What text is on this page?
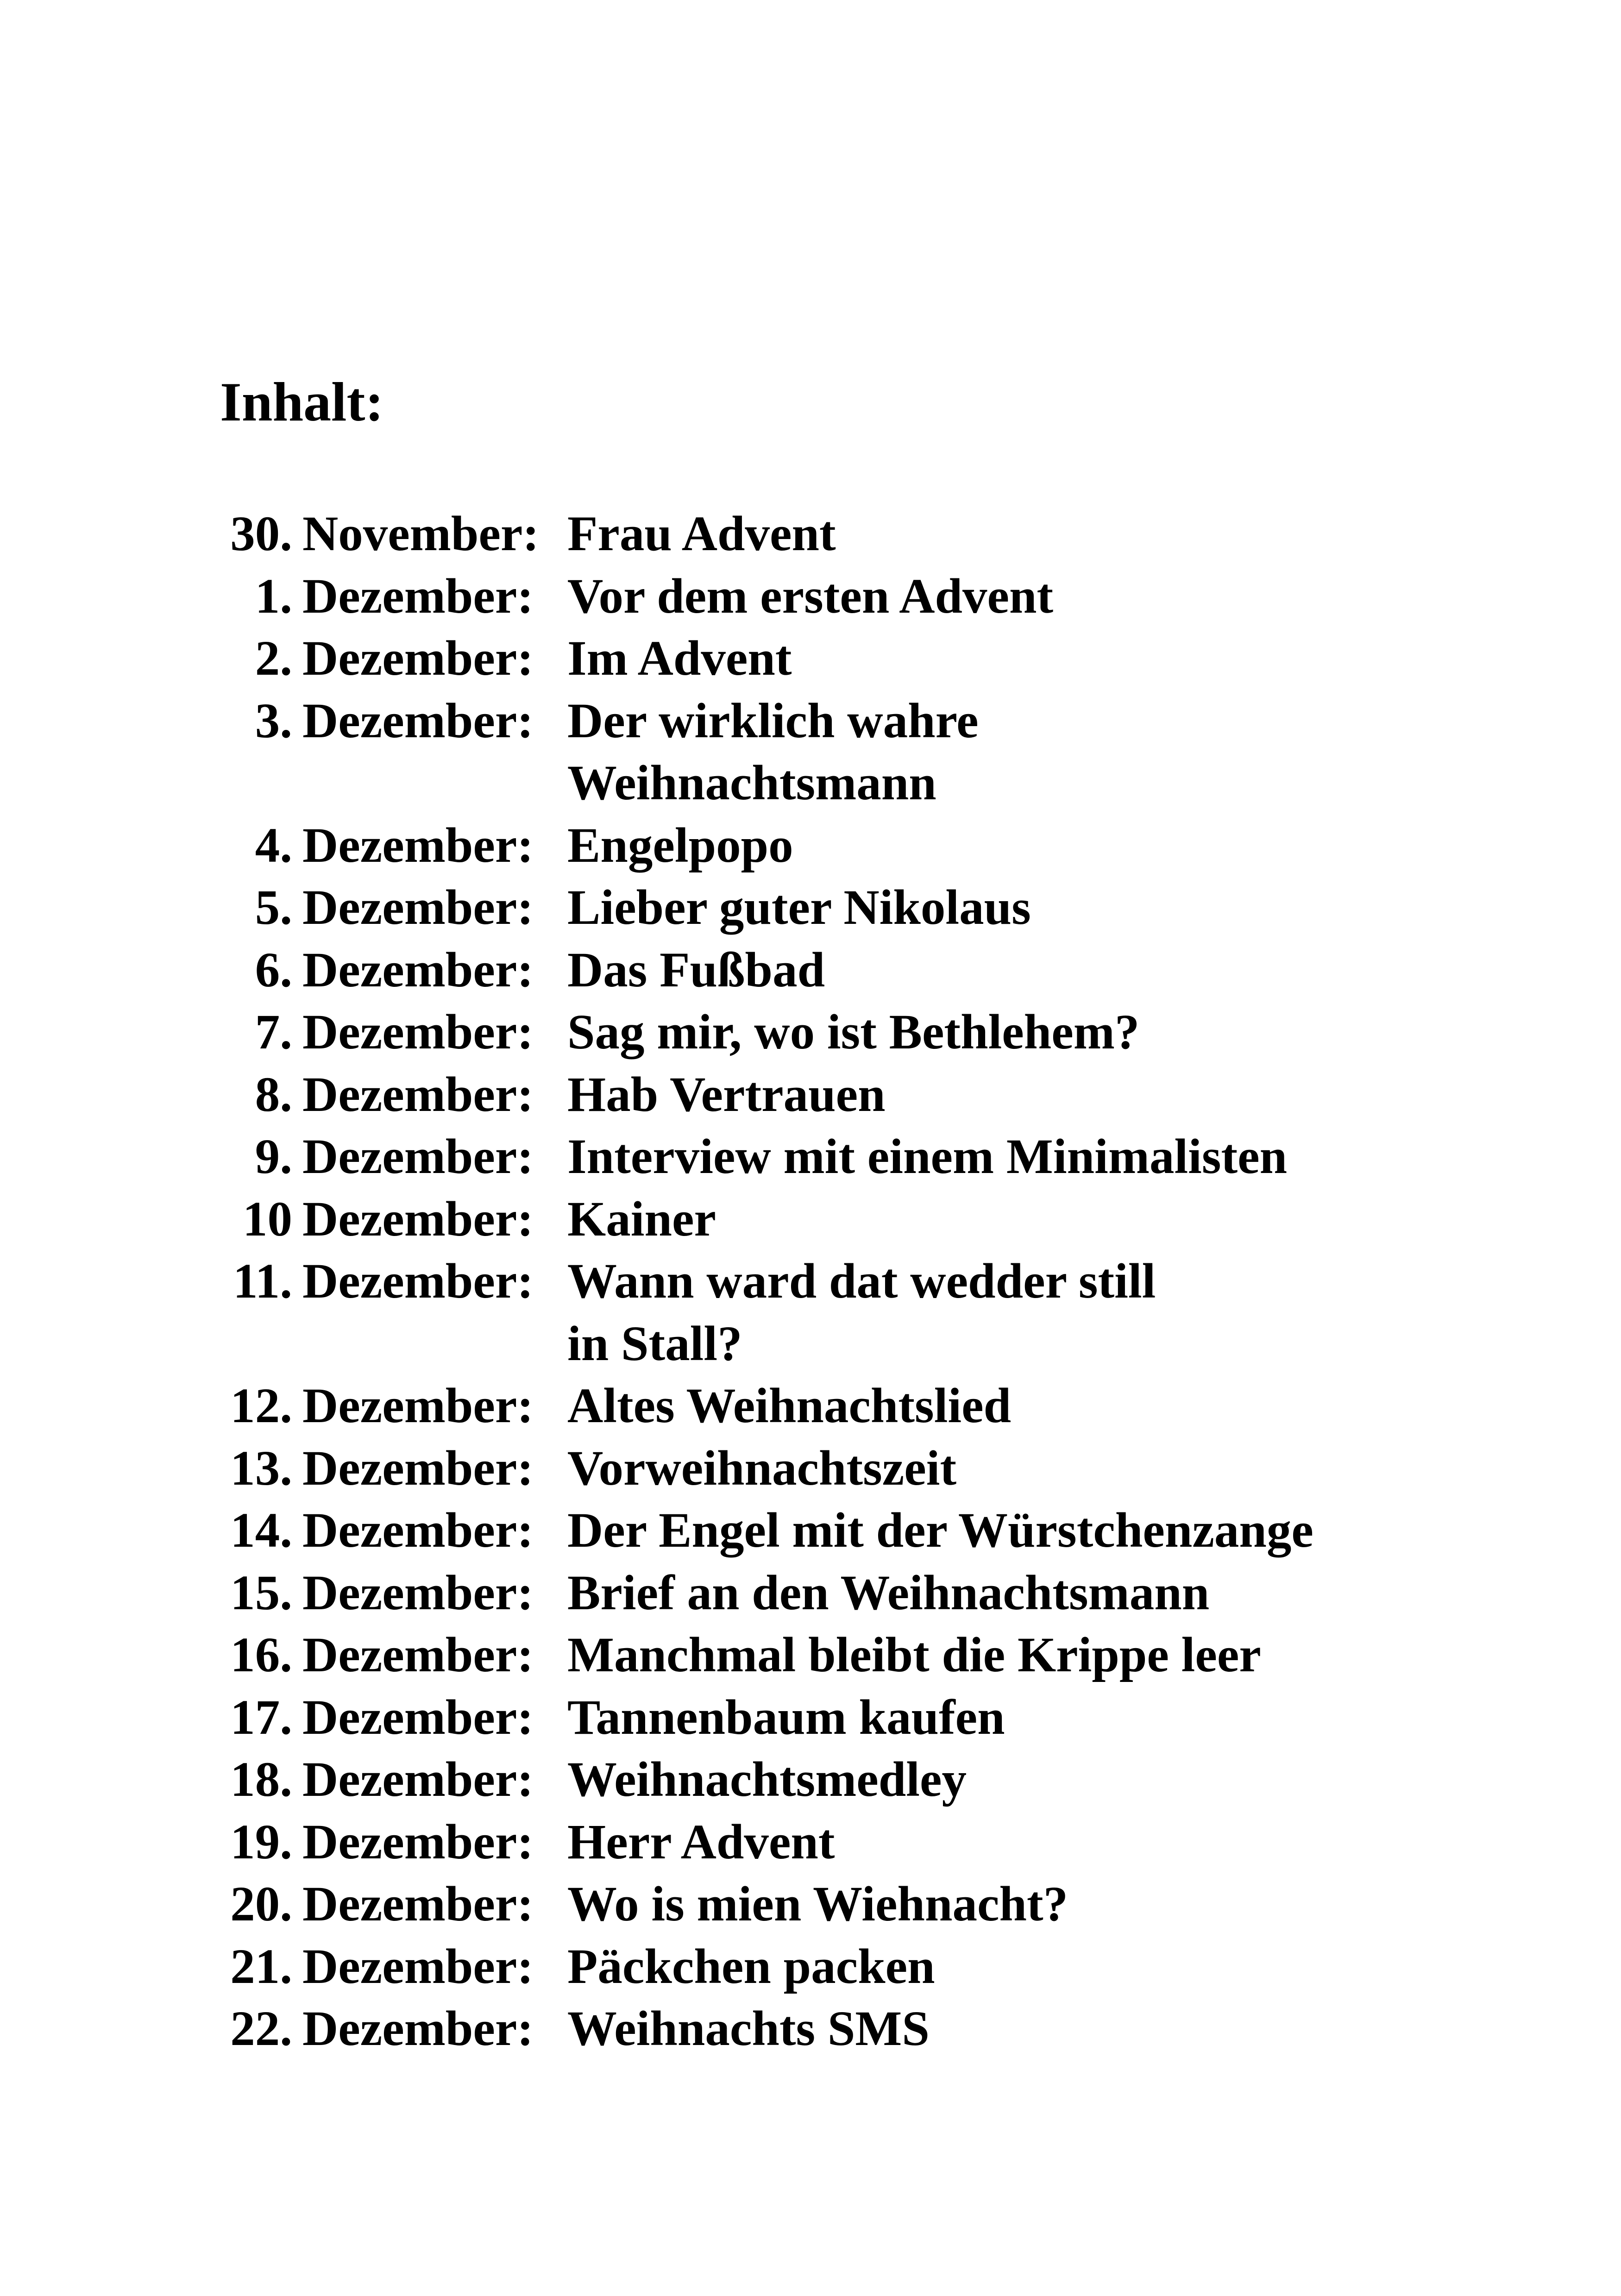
Inhalt:
30. November: Frau Advent
1. Dezember: Vor dem ersten Advent
2. Dezember: Im Advent
3. Dezember: Der wirklich wahre
Weihnachtsmann
4. Dezember: Engelpopo
5. Dezember: Lieber guter Nikolaus
6. Dezember: Das Fußbad
7. Dezember: Sag mir, wo ist Bethlehem?
8. Dezember: Hab Vertrauen
9. Dezember: Interview mit einem Minimalisten
10 Dezember: Kainer
11. Dezember: Wann ward dat wedder still
in Stall?
12. Dezember: Altes Weihnachtslied
13. Dezember: Vorweihnachtszeit
14. Dezember: Der Engel mit der Würstchenzange
15. Dezember: Brief an den Weihnachtsmann
16. Dezember: Manchmal bleibt die Krippe leer
17. Dezember: Tannenbaum kaufen
18. Dezember: Weihnachtsmedley
19. Dezember: Herr Advent
20. Dezember: Wo is mien Wiehnacht?
21. Dezember: Päckchen packen
22. Dezember: Weihnachts SMS
